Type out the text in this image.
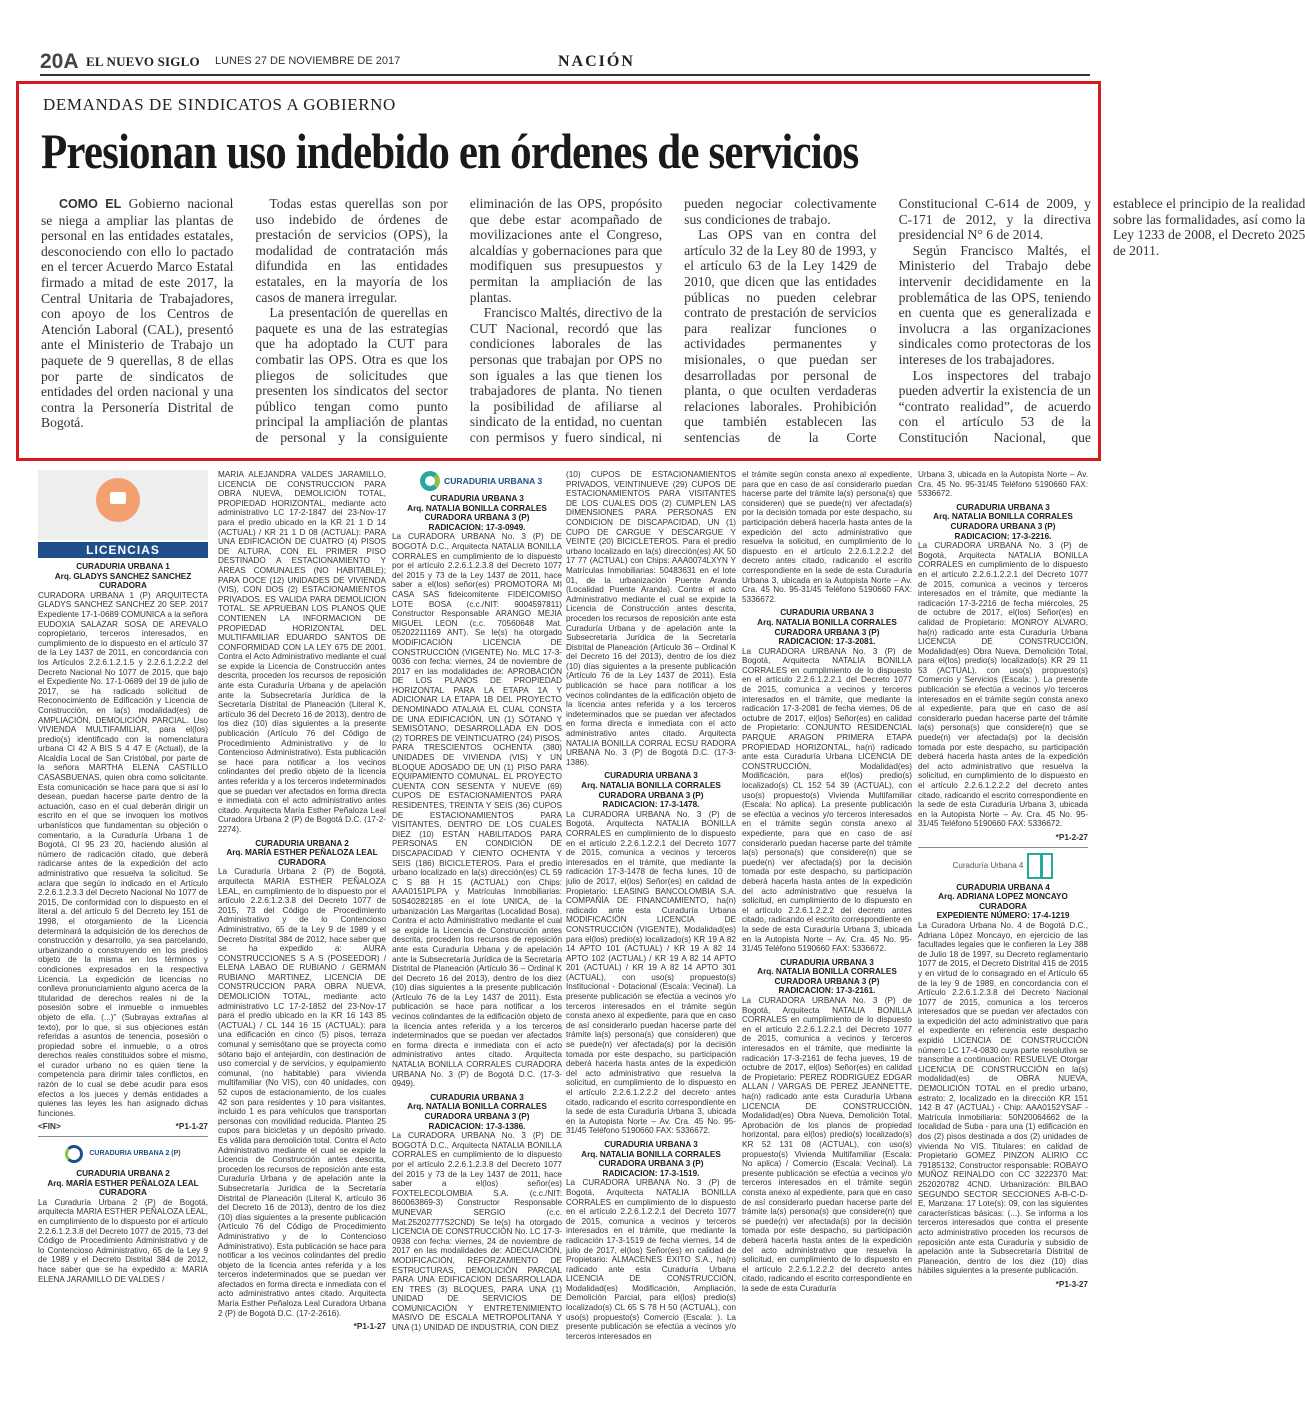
20A EL NUEVO SIGLO LUNES 27 DE NOVIEMBRE DE 2017	NACIÓN
DEMANDAS DE SINDICATOS A GOBIERNO
Presionan uso indebido en órdenes de servicios

COMO EL Gobierno nacional se niega a ampliar las plantas de personal en las entidades estatales, desconociendo con ello lo pactado en el tercer Acuerdo Marco Estatal firmado a mitad de este 2017, la Central Unitaria de Trabajadores, con apoyo de los Centros de Atención Laboral (CAL), presentó ante el Ministerio de Trabajo un paquete de 9 querellas, 8 de ellas por parte de sindicatos de entidades del orden nacional y una contra la Personería Distrital de Bogotá.

Todas estas querellas son por uso indebido de órdenes de prestación de servicios (OPS), la modalidad de contratación más difundida en las entidades estatales, en la mayoría de los casos de manera irregular.

La presentación de querellas en paquete es una de las estrategias que ha adoptado la CUT para combatir las OPS. Otra es que los pliegos de solicitudes que presenten los sindicatos del sector público tengan como punto principal la ampliación de plantas de personal y la consiguiente eliminación de las OPS, propósito que debe estar acompañado de movilizaciones ante el Congreso, alcaldías y gobernaciones para que modifiquen sus presupuestos y permitan la ampliación de las plantas.

Francisco Maltés, directivo de la CUT Nacional, recordó que las condiciones laborales de las personas que trabajan por OPS no son iguales a las que tienen los trabajadores de planta. No tienen la posibilidad de afiliarse al sindicato de la entidad, no cuentan con permisos y fuero sindical, ni pueden negociar colectivamente sus condiciones de trabajo.

Las OPS van en contra del artículo 32 de la Ley 80 de 1993, y el artículo 63 de la Ley 1429 de 2010, que dicen que las entidades públicas no pueden celebrar contrato de prestación de servicios para realizar funciones o actividades permanentes y misionales, o que puedan ser desarrolladas por personal de planta, o que oculten verdaderas relaciones laborales. Prohibición que también establecen las sentencias de la Corte Constitucional C-614 de 2009, y C-171 de 2012, y la directiva presidencial N° 6 de 2014.

Según Francisco Maltés, el Ministerio del Trabajo debe intervenir decididamente en la problemática de las OPS, teniendo en cuenta que es generalizada e involucra a las organizaciones sindicales como protectoras de los intereses de los trabajadores.

Los inspectores del trabajo pueden advertir la existencia de un “contrato realidad”, de acuerdo con el artículo 53 de la Constitución Nacional, que establece el principio de la realidad sobre las formalidades, así como la Ley 1233 de 2008, el Decreto 2025 de 2011.

LICENCIAS
CURADURIA URBANA 1
Arq. GLADYS SANCHEZ SANCHEZ
CURADORA
CURADORA URBANA 1 (P) ARQUITECTA GLADYS SANCHEZ SANCHEZ 20 SEP. 2017 Expediente 17-1-0689 COMUNICA a la señora EUDOXIA SALAZAR SOSA DE AREVALO copropietario, terceros interesados, en cumplimiento de lo dispuesto en el artículo 37 de la Ley 1437 de 2011, en concordancia con los Artículos 2.2.6.1.2.1.5 y 2.2.6.1.2.2.2 del Decreto Nacional No 1077 de 2015, que bajo el Expediente No. 17-1-0689 del 19 de julio de 2017, se ha radicado solicitud de Reconocimiento de Edificación y Licencia de Construcción, en la(s) modalidad(es) de AMPLIACIÓN, DEMOLICIÓN PARCIAL. Uso VIVIENDA MULTIFAMILIAR, para el(los) predio(s) identificado con la nomenclatura urbana Cl 42 A BIS S 4 47 E (Actual), de la Alcaldía Local de San Cristóbal, por parte de la señora MARTHA ELENA CASTILLO CASASBUENAS, quien obra como solicitante. Esta comunicación se hace para que si así lo desean, puedan hacerse parte dentro de la actuación, caso en el cual deberán dirigir un escrito en el que se invoquen los motivos urbanísticos que fundamentan su objeción o comentario, a la Curaduría Urbana 1 de Bogotá, Cl 95 23 20, haciendo alusión al número de radicación citado, que deberá radicarse antes de la expedición del acto administrativo que resuelva la solicitud. Se aclara que según lo indicado en el Artículo 2.2.6.1.2.3.3 del Decreto Nacional No 1077 de 2015, De conformidad con lo dispuesto en el literal a. del artículo 5 del Decreto ley 151 de 1998, el otorgamiento de la Licencia determinará la adquisición de los derechos de construcción y desarrollo, ya sea parcelando, urbanizando o construyendo en los predios objeto de la misma en los términos y condiciones expresados en la respectiva Licencia. La expedición de licencias no conlleva pronunciamiento alguno acerca de la titularidad de derechos reales ni de la posesión sobre el inmueble o inmuebles objeto de ella. (...)” (Subrayas extrañas al texto), por lo que, si sus objeciones están referidas a asuntos de tenencia, posesión o propiedad sobre el inmueble, o a otros derechos reales constituidos sobre el mismo, el curador urbano no es quien tiene la competencia para dirimir tales conflictos, en razón de lo cual se debe acudir para esos efectos a los jueces y demás entidades a quienes las leyes les han asignado dichas funciones.
<FIN>	*P1-1-27
CURADURIA URBANA 2 (P)
CURADURIA URBANA 2
Arq. MARÍA ESTHER PEÑALOZA LEAL
CURADORA
La Curaduría Urbana 2 (P) de Bogotá, arquitecta MARIA ESTHER PEÑALOZA LEAL, en cumplimiento de lo dispuesto por el artículo 2.2.6.1.2.3.8 del Decreto 1077 de 2015, 73 del Código de Procedimiento Administrativo y de lo Contencioso Administrativo, 65 de la Ley 9 de 1989 y el Decreto Distrital 384 de 2012, hace saber que se ha expedido a: MARIA ELENA JARAMILLO DE VALDES /
MARIA ALEJANDRA VALDES JARAMILLO, LICENCIA DE CONSTRUCCION PARA OBRA NUEVA, DEMOLICIÓN TOTAL, PROPIEDAD HORIZONTAL, mediante acto administrativo LC 17-2-1847 del 23-Nov-17 para el predio ubicado en la KR 21 1 D 14 (ACTUAL) / KR 21 1 D 08 (ACTUAL): PARA UNA EDIFICACIÓN DE CUATRO (4) PISOS DE ALTURA, CON EL PRIMER PISO DESTINADO A ESTACIONAMIENTO Y ÁREAS COMUNALES (NO HABITABLE); PARA DOCE (12) UNIDADES DE VIVIENDA (VIS), CON DOS (2) ESTACIONAMIENTOS PRIVADOS. ES VALIDA PARA DEMOLICION TOTAL. SE APRUEBAN LOS PLANOS QUE CONTIENEN LA INFORMACION DE PROPIEDAD HORIZONTAL DEL MULTIFAMILIAR EDUARDO SANTOS DE CONFORMIDAD CON LA LEY 675 DE 2001. Contra el Acto Administrativo mediante el cual se expide la Licencia de Construcción antes descrita, proceden los recursos de reposición ante esta Curaduría Urbana y de apelación ante la Subsecretaría Jurídica de la Secretaría Distrital de Planeación (Literal K, artículo 36 del Decreto 16 de 2013), dentro de los diez (10) días siguientes a la presente publicación (Artículo 76 del Código de Procedimiento Administrativo y de lo Contencioso Administrativo). Esta publicación se hace para notificar a los vecinos colindantes del predio objeto de la licencia antes referida y a los terceros indeterminados que se puedan ver afectados en forma directa e inmediata con el acto administrativo antes citado. Arquitecta María Esther Peñaloza Leal Curadora Urbana 2 (P) de Bogotá D.C. (17-2-2274).
CURADURIA URBANA 2
Arq. MARÍA ESTHER PEÑALOZA LEAL
CURADORA
La Curaduría Urbana 2 (P) de Bogotá, arquitecta MARIA ESTHER PEÑALOZA LEAL, en cumplimiento de lo dispuesto por el artículo 2.2.6.1.2.3.8 del Decreto 1077 de 2015, 73 del Código de Procedimiento Administrativo y de lo Contencioso Administrativo, 65 de la Ley 9 de 1989 y el Decreto Distrital 384 de 2012, hace saber que se ha expedido a: AURA CONSTRUCCIONES S A S (POSEEDOR) / ELENA LABAO DE RUBIANO / GERMAN RUBIANO MARTINEZ, LICENCIA DE CONSTRUCCION PARA OBRA NUEVA, DEMOLICIÓN TOTAL, mediante acto administrativo LC 17-2-1852 del 23-Nov-17 para el predio ubicado en la KR 16 143 85 (ACTUAL) / CL 144 16 15 (ACTUAL): para una edificación en cinco (5) pisos, terraza comunal y semisótano que se proyecta como sótano bajo el antejardín, con destinación de uso comercial y de servicios, y equipamiento comunal, (no habitable) para vivienda multifamiliar (No VIS), con 40 unidades, con 52 cupos de estacionamiento, de los cuales 42 son para residentes y 10 para visitantes, incluido 1 es para vehículos que transportan personas con movilidad reducida. Planteo 25 cupos para bicicletas y un depósito privado. Es válida para demolición total. Contra el Acto Administrativo mediante el cual se expide la Licencia de Construcción antes descrita, proceden los recursos de reposición ante esta Curaduría Urbana y de apelación ante la Subsecretaría Jurídica de la Secretaría Distrital de Planeación (Literal K, artículo 36 del Decreto 16 de 2013), dentro de los diez (10) días siguientes a la presente publicación (Artículo 76 del Código de Procedimiento Administrativo y de lo Contencioso Administrativo). Esta publicación se hace para notificar a los vecinos colindantes del predio objeto de la licencia antes referida y a los terceros indeterminados que se puedan ver afectados en forma directa e inmediata con el acto administrativo antes citado. Arquitecta María Esther Peñaloza Leal Curadora Urbana 2 (P) de Bogotá D.C. (17-2-2616).
*P1-1-27
CURADURIA URBANA 3
CURADURIA URBANA 3
Arq. NATALIA BONILLA CORRALES
CURADORA URBANA 3 (P)
RADICACION: 17-3-0949.
La CURADORA URBANA No. 3 (P) DE BOGOTÁ D.C., Arquitecta NATALIA BONILLA CORRALES en cumplimiento de lo dispuesto por el artículo 2.2.6.1.2.3.8 del Decreto 1077 del 2015 y 73 de la Ley 1437 de 2011, hace saber a el(los) señor(es) PROMOTORA MI CASA SAS fideicomitente FIDEICOMISO LOTE BOSA (c.c./NIT: 9004597811) Constructor Responsable ARANGO MEJIA MIGUEL LEON (c.c. 70560648 Mat. 05202211169 ANT). Se le(s) ha otorgado MODIFICACIÓN LICENCIA DE CONSTRUCCIÓN (VIGENTE) No. MLC 17-3-0036 con fecha: viernes, 24 de noviembre de 2017 en las modalidades de: APROBACIÓN DE LOS PLANOS DE PROPIEDAD HORIZONTAL PARA LA ETAPA 1A Y ADICIONAR LA ETAPA 1B DEL PROYECTO DENOMINADO ATALAIA EL CUAL CONSTA DE UNA EDIFICACIÓN, UN (1) SÓTANO Y SEMISÓTANO, DESARROLLADA EN DOS (2) TORRES DE VEINTICUATRO (24) PISOS, PARA TRESCIENTOS OCHENTA (380) UNIDADES DE VIVIENDA (VIS) Y UN BLOQUE ADOSADO DE UN (1) PISO PARA EQUIPAMIENTO COMUNAL. EL PROYECTO CUENTA CON SESENTA Y NUEVE (69) CUPOS DE ESTACIONAMIENTOS PARA RESIDENTES, TREINTA Y SEIS (36) CUPOS DE ESTACIONAMIENTOS PARA VISITANTES, DENTRO DE LOS CUALES DIEZ (10) ESTÁN HABILITADOS PARA PERSONAS EN CONDICIÓN DE DISCAPACIDAD Y CIENTO OCHENTA Y SEIS (186) BICICLETEROS. Para el predio urbano localizado en la(s) dirección(es) CL 59 C S 88 H 15 (ACTUAL) con Chips: AAA0151PLPA y Matrículas Inmobiliarias: 50S40282185 en el lote UNICA, de la urbanización Las Margaritas (Localidad Bosa). Contra el acto Administrativo mediante el cual se expide la Licencia de Construcción antes descrita, proceden los recursos de reposición ante esta Curaduría Urbana y de apelación ante la Subsecretaría Jurídica de la Secretaría Distrital de Planeación (Artículo 36 – Ordinal K del Decreto 16 del 2013), dentro de los diez (10) días siguientes a la presente publicación (Artículo 76 de la Ley 1437 de 2011). Esta publicación se hace para notificar a los vecinos colindantes de la edificación objeto de la licencia antes referida y a los terceros indeterminados que se puedan ver afectados en forma directa e inmediata con el acto administrativo antes citado. Arquitecta NATALIA BONILLA CORRALES CURADORA URBANA No. 3 (P) de Bogotá D.C. (17-3-0949).
CURADURIA URBANA 3
Arq. NATALIA BONILLA CORRALES
CURADORA URBANA 3 (P)
RADICACION: 17-3-1386.
La CURADORA URBANA No. 3 (P) DE BOGOTÁ D.C., Arquitecta NATALIA BONILLA CORRALES en cumplimiento de lo dispuesto por el artículo 2.2.6.1.2.3.8 del Decreto 1077 del 2015 y 73 de la Ley 1437 de 2011, hace saber a el(los) señor(es) FOXTELECOLOMBIA S.A. (c.c./NIT: 860063869-3) Constructor Responsable MUNEVAR SERGIO (c.c. Mat.25202777S2CND) Se le(s) ha otorgado LICENCIA DE CONSTRUCCIÓN No. LC 17-3-0938 con fecha: viernes, 24 de noviembre de 2017 en las modalidades de: ADECUACIÓN, MODIFICACIÓN, REFORZAMIENTO DE ESTRUCTURAS, DEMOLICIÓN PARCIAL PARA UNA EDIFICACION DESARROLLADA EN TRES (3) BLOQUES, PARA UNA (1) UNIDAD DE SERVICIOS DE COMUNICACIÓN Y ENTRETENIMIENTO MASIVO DE ESCALA METROPOLITANA Y UNA (1) UNIDAD DE INDUSTRIA, CON DIEZ
(10) CUPOS DE ESTACIONAMIENTOS PRIVADOS, VEINTINUEVE (29) CUPOS DE ESTACIONAMIENTOS PARA VISITANTES DE LOS CUALES DOS (2) CUMPLEN LAS DIMENSIONES PARA PERSONAS EN CONDICION DE DISCAPACIDAD, UN (1) CUPO DE CARGUE Y DESCARGUE Y VEINTE (20) BICICLETEROS. Para el predio urbano localizado en la(s) dirección(es) AK 50 17 77 (ACTUAL) con Chips: AAA0074LXYN Y Matrículas Inmobiliarias: 50483631 en el lote 01, de la urbanización Puente Aranda (Localidad Puente Aranda). Contra el acto Administrativo mediante el cual se expide la Licencia de Construcción antes descrita, proceden los recursos de reposición ante esta Curaduría Urbana y de apelación ante la Subsecretaría Jurídica de la Secretaría Distrital de Planeación (Artículo 36 – Ordinal K del Decreto 16 del 2013), dentro de los diez (10) días siguientes a la presente publicación (Artículo 76 de la Ley 1437 de 2011). Esta publicación se hace para notificar a los vecinos colindantes de la edificación objeto de la licencia antes referida y a los terceros indeterminados que se puedan ver afectados en forma directa e inmediata con el acto administrativo antes citado. Arquitecta NATALIA BONILLA CORRAL ECSU RADORA URBANA No. 3 (P) de Bogotá D.C. (17-3-1386).
CURADURIA URBANA 3
Arq. NATALIA BONILLA CORRALES
CURADORA URBANA 3 (P)
RADICACION: 17-3-1478.
La CURADORA URBANA No. 3 (P) de Bogotá, Arquitecta NATALIA BONILLA CORRALES en cumplimiento de lo dispuesto en el artículo 2.2.6.1.2.2.1 del Decreto 1077 de 2015, comunica a vecinos y terceros interesados en el trámite, que mediante la radicación 17-3-1478 de fecha lunes, 10 de julio de 2017, el(los) Señor(es) en calidad de Propietario: LEASING BANCOLOMBIA S.A. COMPAÑÍA DE FINANCIAMIENTO, ha(n) radicado ante esta Curaduría Urbana MODIFICACIÓN LICENCIA DE CONSTRUCCIÓN (VIGENTE), Modalidad(es) para el(los) predio(s) localizado(s) KR 19 A 82 14 APTO 101 (ACTUAL) / KR 19 A 82 14 APTO 102 (ACTUAL) / KR 19 A 82 14 APTO 201 (ACTUAL) / KR 19 A 82 14 APTO 301 (ACTUAL), con uso(s) propuesto(s) Institucional - Dotacional (Escala: Vecinal). La presente publicación se efectúa a vecinos y/o terceros interesados en el trámite según consta anexo al expediente, para que en caso de así considerarlo puedan hacerse parte del trámite la(s) persona(s) que consideren) que se puede(n) ver afectada(s) por la decisión tomada por este despacho, su participación deberá hacerla hasta antes de la expedición del acto administrativo que resuelva la solicitud, en cumplimiento de lo dispuesto en el artículo 2.2.6.1.2.2.2 del decreto antes citado, radicando el escrito correspondiente en la sede de esta Curaduría Urbana 3, ubicada en la Autopista Norte – Av. Cra. 45 No. 95-31/45 Teléfono 5190660 FAX: 5336672.
CURADURIA URBANA 3
Arq. NATALIA BONILLA CORRALES
CURADORA URBANA 3 (P)
RADICACION: 17-3-1519.
La CURADORA URBANA No. 3 (P) de Bogotá, Arquitecta NATALIA BONILLA CORRALES en cumplimiento de lo dispuesto en el artículo 2.2.6.1.2.2.1 del Decreto 1077 de 2015, comunica a vecinos y terceros interesados en el trámite, que mediante la radicación 17-3-1519 de fecha viernes, 14 de julio de 2017, el(los) Señor(es) en calidad de Propietario: ALMACENES EXITO S.A., ha(n) radicado ante esta Curaduría Urbana LICENCIA DE CONSTRUCCIÓN, Modalidad(es) Modificación, Ampliación, Demolición Parcial, para el(los) predio(s) localizado(s) CL 65 S 78 H 50 (ACTUAL), con uso(s) propuesto(s) Comercio (Escala: ). La presente publicación se efectúa a vecinos y/o terceros interesados en
el trámite según consta anexo al expediente, para que en caso de así considerarlo puedan hacerse parte del trámite la(s) persona(s) que consideren) que se puede(n) ver afectada(s) por la decisión tomada por este despacho, su participación deberá hacerla hasta antes de la expedición del acto administrativo que resuelva la solicitud, en cumplimiento de lo dispuesto en el artículo 2.2.6.1.2.2.2 del decreto antes citado, radicando el escrito correspondiente en la sede de esta Curaduría Urbana 3, ubicada en la Autopista Norte – Av. Cra. 45 No. 95-31/45 Teléfono 5190660 FAX: 5336672.
CURADURIA URBANA 3
Arq. NATALIA BONILLA CORRALES
CURADORA URBANA 3 (P)
RADICACION: 17-3-2081.
La CURADORA URBANA No. 3 (P) de Bogotá, Arquitecta NATALIA BONILLA CORRALES en cumplimiento de lo dispuesto en el artículo 2.2.6.1.2.2.1 del Decreto 1077 de 2015, comunica a vecinos y terceros interesados en el trámite, que mediante la radicación 17-3-2081 de fecha viernes, 06 de octubre de 2017, el(los) Señor(es) en calidad de Propietario: CONJUNTO RESIDENCIAL PARQUE ARAGON PRIMERA ETAPA PROPIEDAD HORIZONTAL, ha(n) radicado ante esta Curaduría Urbana LICENCIA DE CONSTRUCCIÓN, Modalidad(es) Modificación, para el(los) predio(s) localizado(s) CL 152 54 39 (ACTUAL), con uso(s) propuesto(s) Vivienda Multifamiliar (Escala: No aplica). La presente publicación se efectúa a vecinos y/o terceros interesados en el trámite según consta anexo al expediente, para que en caso de así considerarlo puedan hacerse parte del trámite la(s) persona(s) que considere(n) que se puede(n) ver afectada(s) por la decisión tomada por este despacho, su participación deberá hacerla hasta antes de la expedición del acto administrativo que resuelva la solicitud, en cumplimiento de lo dispuesto en el artículo 2.2.6.1.2.2.2 del decreto antes citado, radicando el escrito correspondiente en la sede de esta Curaduría Urbana 3, ubicada en la Autopista Norte – Av. Cra. 45 No. 95-31/45 Teléfono 5190660 FAX: 5336672.
CURADURIA URBANA 3
Arq. NATALIA BONILLA CORRALES
CURADORA URBANA 3 (P)
RADICACION: 17-3-2161.
La CURADORA URBANA No. 3 (P) de Bogotá, Arquitecta NATALIA BONILLA CORRALES en cumplimiento de lo dispuesto en el artículo 2.2.6.1.2.2.1 del Decreto 1077 de 2015, comunica a vecinos y terceros interesados en el trámite, que mediante la radicación 17-3-2161 de fecha jueves, 19 de octubre de 2017, el(los) Señor(es) en calidad de Propietario: PEREZ RODRIGUEZ EDGAR ALLAN / VARGAS DE PEREZ JEANNETTE, ha(n) radicado ante esta Curaduría Urbana LICENCIA DE CONSTRUCCIÓN, Modalidad(es) Obra Nueva, Demolición Total, Aprobación de los planos de propiedad horizontal, para el(los) predio(s) localizado(s) KR 52 131 08 (ACTUAL), con uso(s) propuesto(s) Vivienda Multifamiliar (Escala: No aplica) / Comercio (Escala: Vecinal). La presente publicación se efectúa a vecinos y/o terceros interesados en el trámite según consta anexo al expediente, para que en caso de así considerarlo puedan hacerse parte del trámite la(s) persona(s) que considere(n) que se puede(n) ver afectada(s) por la decisión tomada por este despacho, su participación deberá hacerla hasta antes de la expedición del acto administrativo que resuelva la solicitud, en cumplimiento de lo dispuesto en el artículo 2.2.6.1.2.2.2 del decreto antes citado, radicando el escrito correspondiente en la sede de esta Curaduría
Urbana 3, ubicada en la Autopista Norte – Av. Cra. 45 No. 95-31/45 Teléfono 5190660 FAX: 5336672.
CURADURIA URBANA 3
Arq. NATALIA BONILLA CORRALES
CURADORA URBANA 3 (P)
RADICACION: 17-3-2216.
La CURADORA URBANA No. 3 (P) de Bogotá, Arquitecta NATALIA BONILLA CORRALES en cumplimiento de lo dispuesto en el artículo 2.2.6.1.2.2.1 del Decreto 1077 de 2015, comunica a vecinos y terceros interesados en el trámite, que mediante la radicación 17-3-2216 de fecha miércoles, 25 de octubre de 2017, el(los) Señor(es) en calidad de Propietario: MONROY ALVARO, ha(n) radicado ante esta Curaduría Urbana LICENCIA DE CONSTRUCCIÓN, Modalidad(es) Obra Nueva, Demolición Total, para el(los) predio(s) localizado(s) KR 29 11 53 (ACTUAL), con uso(s) propuesto(s) Comercio y Servicios (Escala: ). La presente publicación se efectúa a vecinos y/o terceros interesados en el trámite según consta anexo al expediente, para que en caso de así considerarlo puedan hacerse parte del trámite la(s) persona(s) que considere(n) que se puede(n) ver afectada(s) por la decisión tomada por este despacho, su participación deberá hacerla hasta antes de la expedición del acto administrativo que resuelva la solicitud, en cumplimiento de lo dispuesto en el artículo 2.2.6.1.2.2.2 del decreto antes citado, radicando el escrito correspondiente en la sede de esta Curaduría Urbana 3, ubicada en la Autopista Norte – Av. Cra. 45 No. 95-31/45 Teléfono 5190660 FAX: 5336672.
*P1-2-27
Curaduría Urbana 4
CURADURIA URBANA 4
Arq. ADRIANA LOPEZ MONCAYO
CURADORA
EXPEDIENTE NÚMERO: 17-4-1219
La Curadora Urbana No. 4 de Bogotá D.C., Adriana López Moncayo, en ejercicio de las facultades legales que le confieren la Ley 388 de Julio 18 de 1997, su Decreto reglamentario 1077 de 2015, el Decreto Distrital 415 de 2015 y en virtud de lo consagrado en el Artículo 65 de la ley 9 de 1989, en concordancia con el Artículo 2.2.6.1.2.3.8 del Decreto Nacional 1077 de 2015, comunica a los terceros interesados que se puedan ver afectados con la expedición del acto administrativo que para el expediente en referencia este despacho expidió LICENCIA DE CONSTRUCCIÓN número LC 17-4-0830 cuya parte resolutiva se transcribe a continuación: RESUELVE Otorgar LICENCIA DE CONSTRUCCIÓN en la(s) modalidad(es) de OBRA NUEVA, DEMOLICIÓN TOTAL en el predio urbano, estrato: 2, localizado en la dirección KR 151 142 B 47 (ACTUAL) - Chip: AAA0152YSAF - Matrícula Inmobiliaria: 50N20064662 de la localidad de Suba - para una (1) edificación en dos (2) pisos destinada a dos (2) unidades de vivienda No VIS. Titulares: en calidad de Propietario GOMEZ PINZON ALIRIO CC 79185132, Constructor responsable: ROBAYO MUÑOZ REINALDO con CC 3222370 Mat: 252020782 4CND. Urbanización: BILBAO SEGUNDO SECTOR SECCIONES A-B-C-D-E, Manzana: 17 Lote(s): 09, con las siguientes características básicas: (...). Se informa a los terceros interesados que contra el presente acto administrativo proceden los recursos de reposición ante esta Curaduría y subsidio de apelación ante la Subsecretaría Distrital de Planeación, dentro de los diez (10) días hábiles siguientes a la presente publicación.
*P1-3-27
